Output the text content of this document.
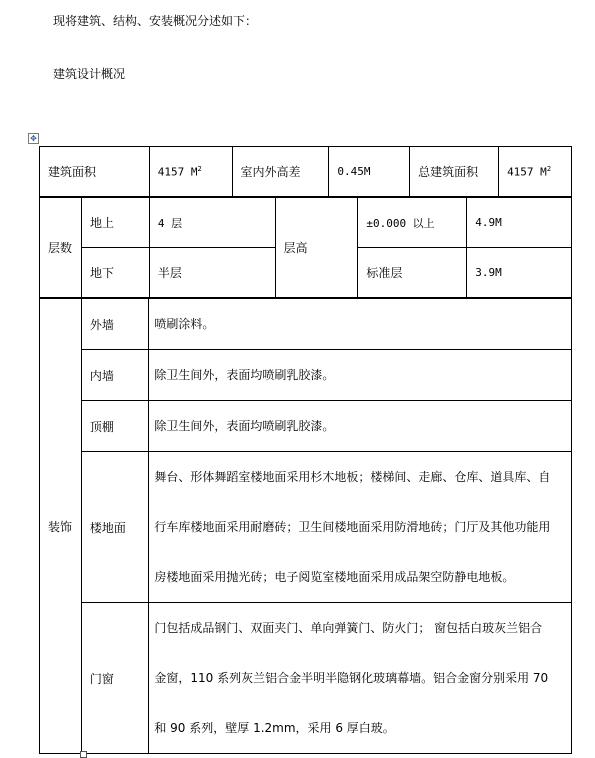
现将建筑、结构、安装概况分述如下：
建筑设计概况
✥
建筑面积	4157 $M^2$	室内外高差	0.45M	总建筑面积	4157 $M^2$
层数	地上	4 层	层高	±0.000 以上	4.9M
	地下	半层		标准层	3.9M
装饰	外墙	喷刷涂料。

	内墙	除卫生间外，表面均喷刷乳胶漆。

	顶棚	除卫生间外，表面均喷刷乳胶漆。

	楼地面	舞台、形体舞蹈室楼地面采用杉木地板；楼梯间、走廊、仓库、道具库、自
行车库楼地面采用耐磨砖；卫生间楼地面采用防滑地砖；门厅及其他功能用
房楼地面采用抛光砖；电子阅览室楼地面采用成品架空防静电地板。

	门窗	门包括成品钢门、双面夹门、单向弹簧门、防火门； 窗包括白玻灰兰铝合
金窗，110 系列灰兰铝合金半明半隐钢化玻璃幕墙。铝合金窗分别采用 70
和 90 系列，壁厚 1.2mm，采用 6 厚白玻。
